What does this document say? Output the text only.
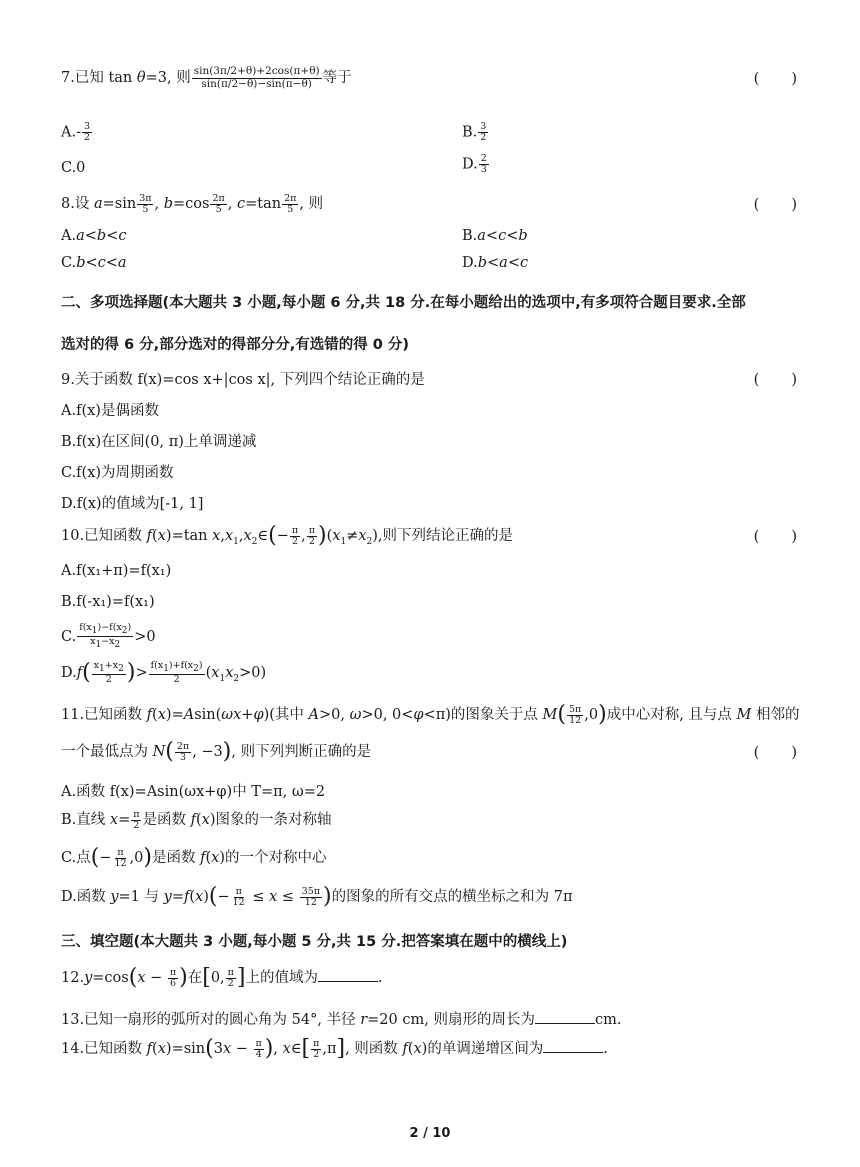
7.已知 tan θ=3, 则 $\frac{\sin(3\pi/2+\theta)+2\cos(\pi+\theta)}{\sin(\pi/2-\theta)-\sin(\pi-\theta)}$ 等于	(　　)
$A.- \frac{3}{2}$	B. $\frac{3}{2}$
C.0	D. $\frac{2}{3}$
8.设 $a=\sin \frac{3\pi}{5}$ , $b=\cos \frac{2\pi}{5}$ , $c=\tan \frac{2\pi}{5}$ , 则	(　　)
A.a<b<c	B.a<c<b
C.b<c<a	D.b<a<c
二、多项选择题(本大题共 3 小题,每小题 6 分,共 18 分.在每小题给出的选项中,有多项符合题目要求.全部
选对的得 6 分,部分选对的得部分分,有选错的得 0 分)
9.关于函数 f(x)=cos x+|cos x|, 下列四个结论正确的是	(　　)
A.f(x)是偶函数
B.f(x)在区间(0, π)上单调递减
C.f(x)为周期函数
D.f(x)的值域为[-1, 1]
10.已知函数 f(x)=tan $x,x_1,x_2\in(- \frac{\pi}{2}$ , $\frac{\pi}{2} )(x_1\ne x_2)$,则下列结论正确的是	(　　)
A.f(x₁+π)=f(x₁)
B.f(-x₁)=f(x₁)
C. $\frac{f(x_1)-f(x_2)}{x_1-x_2} >0$
$D.f( \frac{x_1+x_2}{2}$ )> $\frac{f(x_1)+f(x_2)}{2} (x_1x_2>0)$
11.已知函数 f(x)=Asin(ωx+φ)(其中 A>0, ω>0, 0<φ<π)的图象关于点 $M( \frac{5\pi}{12} ,0)$成中心对称, 且与点 M 相邻的
一个最低点为 $N( \frac{2\pi}{3}$ , −3), 则下列判断正确的是	(　　)
A.函数 f(x)=Asin(ωx+φ)中 T=π, ω=2
B.直线 $x= \frac{\pi}{2}$ 是函数 f(x)图象的一条对称轴
C.点(− $\frac{\pi}{12} ,0$)是函数 f(x)的一个对称中心
D.函数 y=1 与 $y=f(x)(- \frac{\pi}{12} \le x \le \frac{35\pi}{12}$ )的图象的所有交点的横坐标之和为 7π
三、填空题(本大题共 3 小题,每小题 5 分,共 15 分.把答案填在题中的横线上)
$12.y=\cos(x - \frac{\pi}{6}$ )在[0, $\frac{\pi}{2}$ ]上的值域为	.
13.已知一扇形的弧所对的圆心角为 54°, 半径 r=20 cm, 则扇形的周长为	cm.
14.已知函数 $f(x)=\sin(3x - \frac{\pi}{4}$ ), x∈[ $\frac{\pi}{2} ,\pi$], 则函数 f(x)的单调递增区间为	.
2 / 10
